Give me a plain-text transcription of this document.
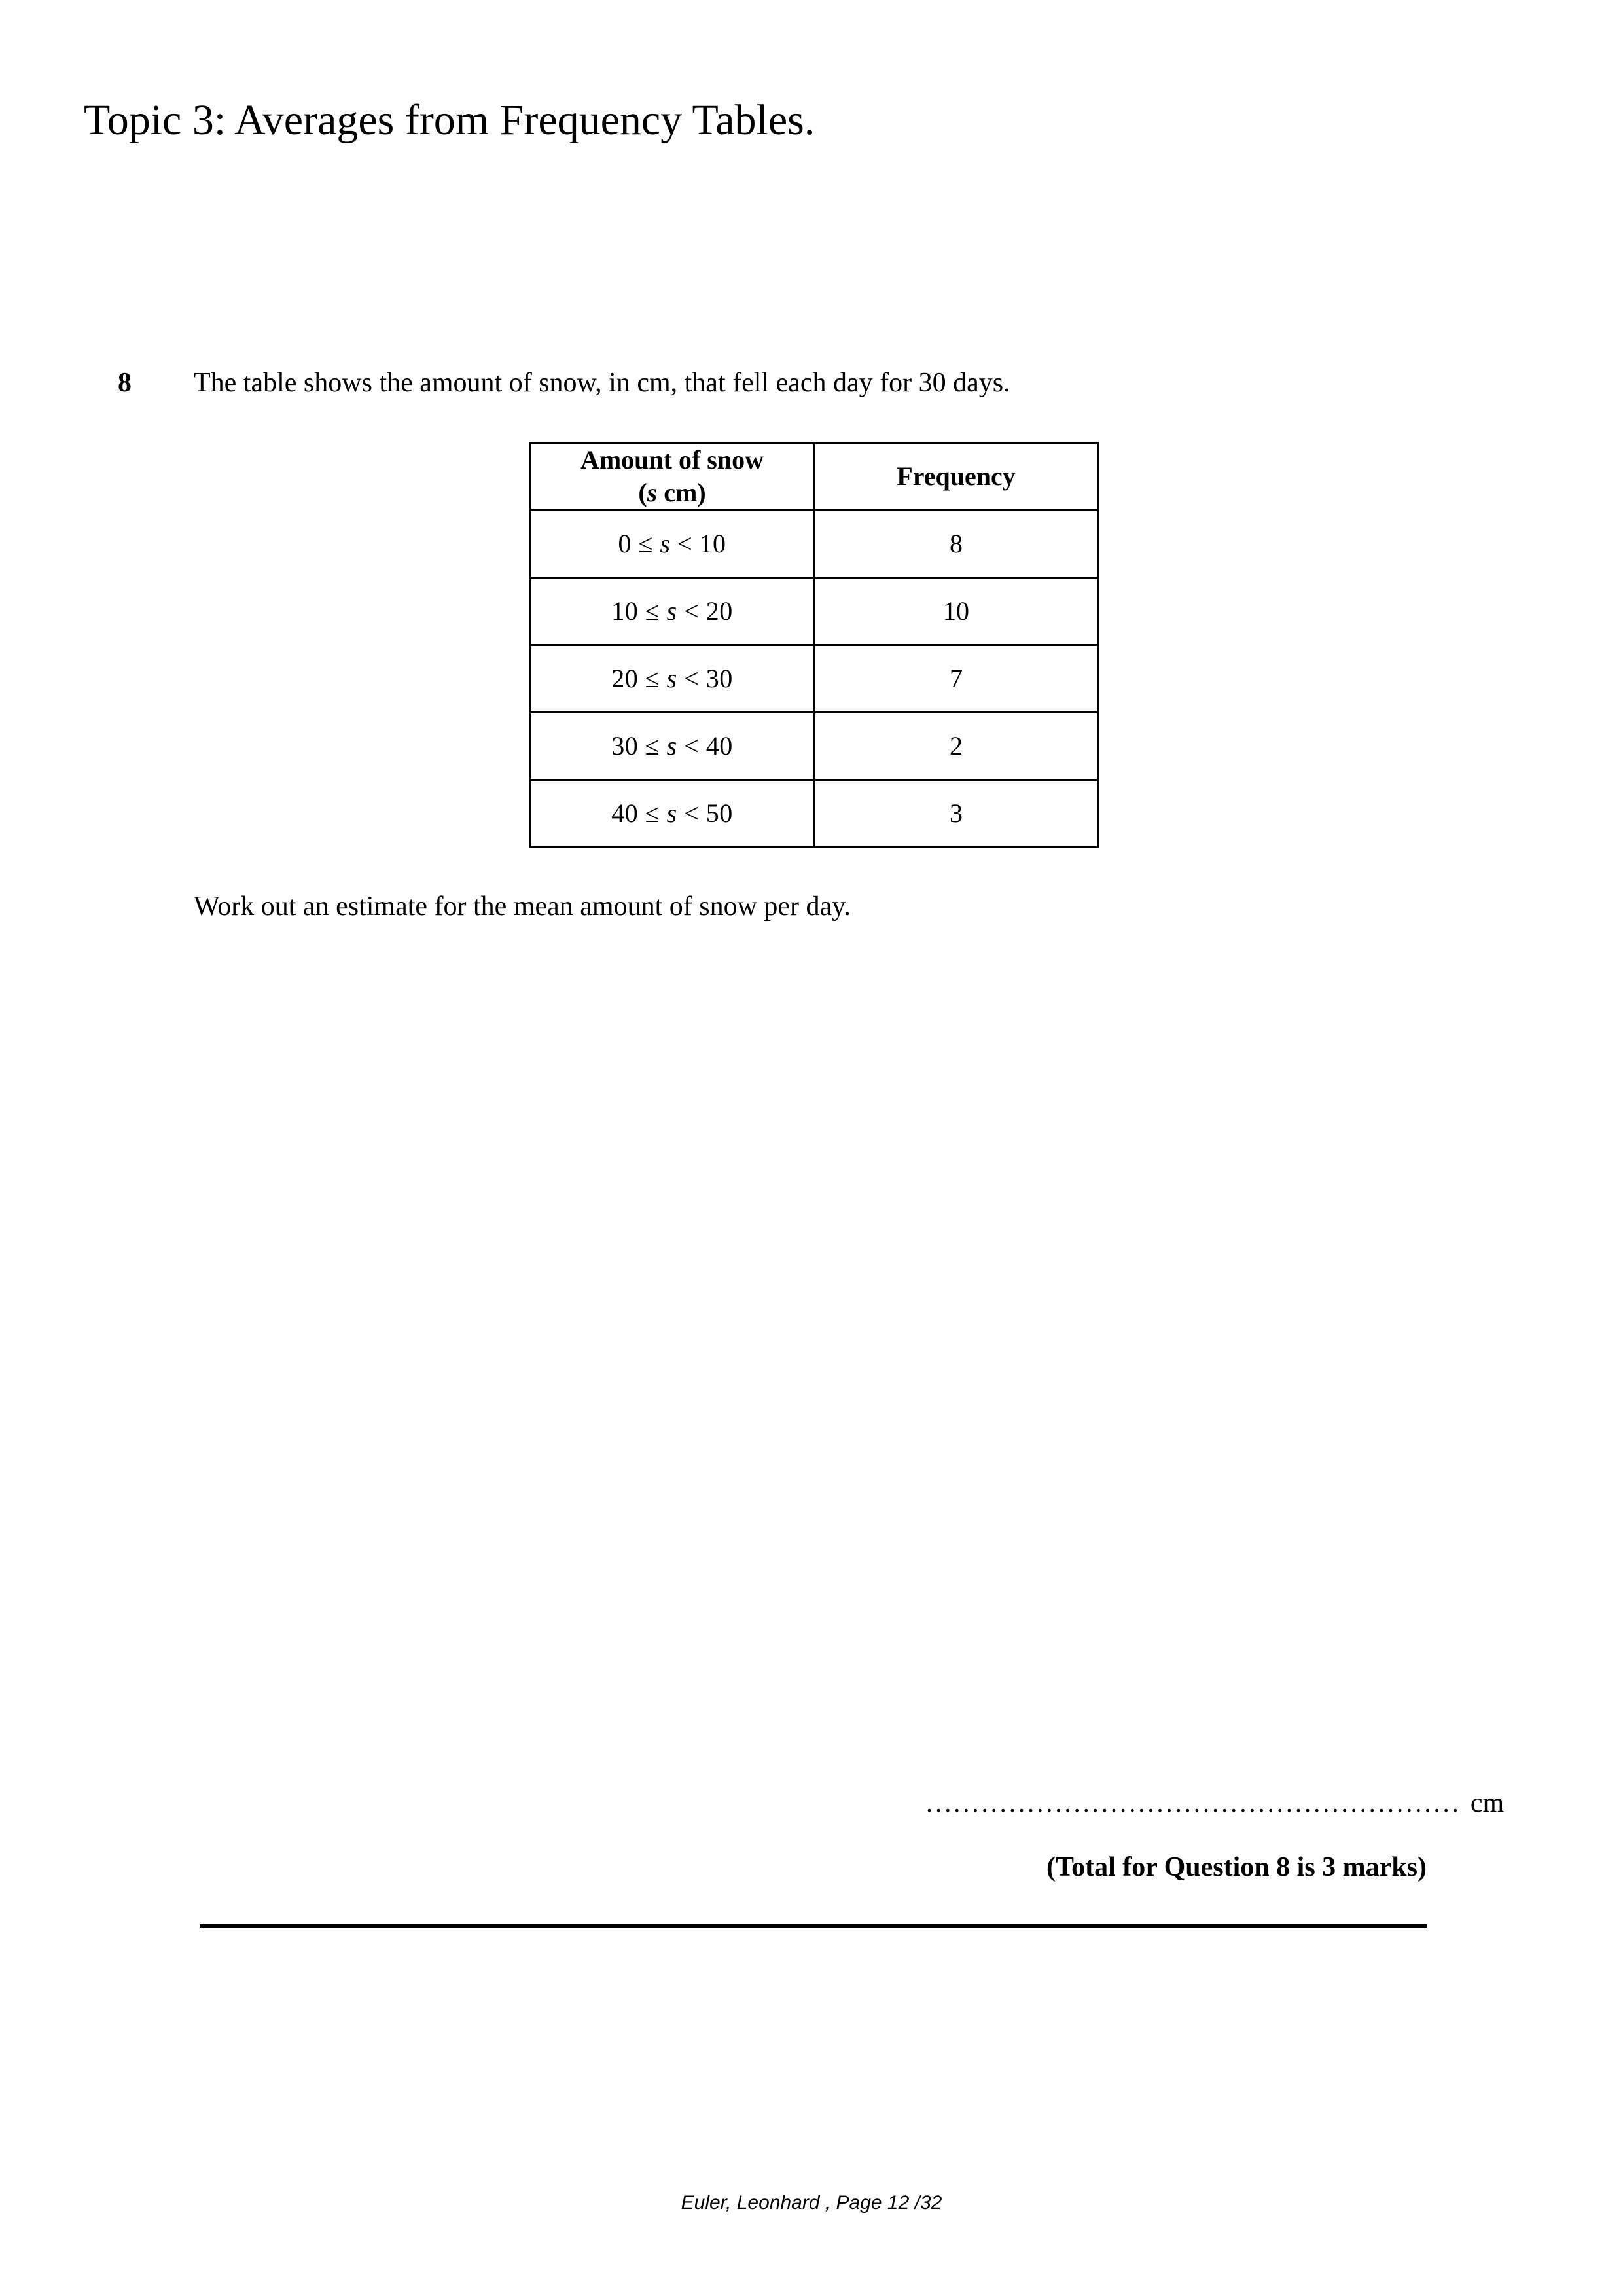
Topic 3: Averages from Frequency Tables.
8 The table shows the amount of snow, in cm, that fell each day for 30 days.
Amount of snow
(s cm)	Frequency
0 ≤ s < 10	8
10 ≤ s < 20	10
20 ≤ s < 30	7
30 ≤ s < 40	2
40 ≤ s < 50	3
Work out an estimate for the mean amount of snow per day.
.......................................................... cm
(Total for Question 8 is 3 marks)
Euler, Leonhard , Page 12 /32
